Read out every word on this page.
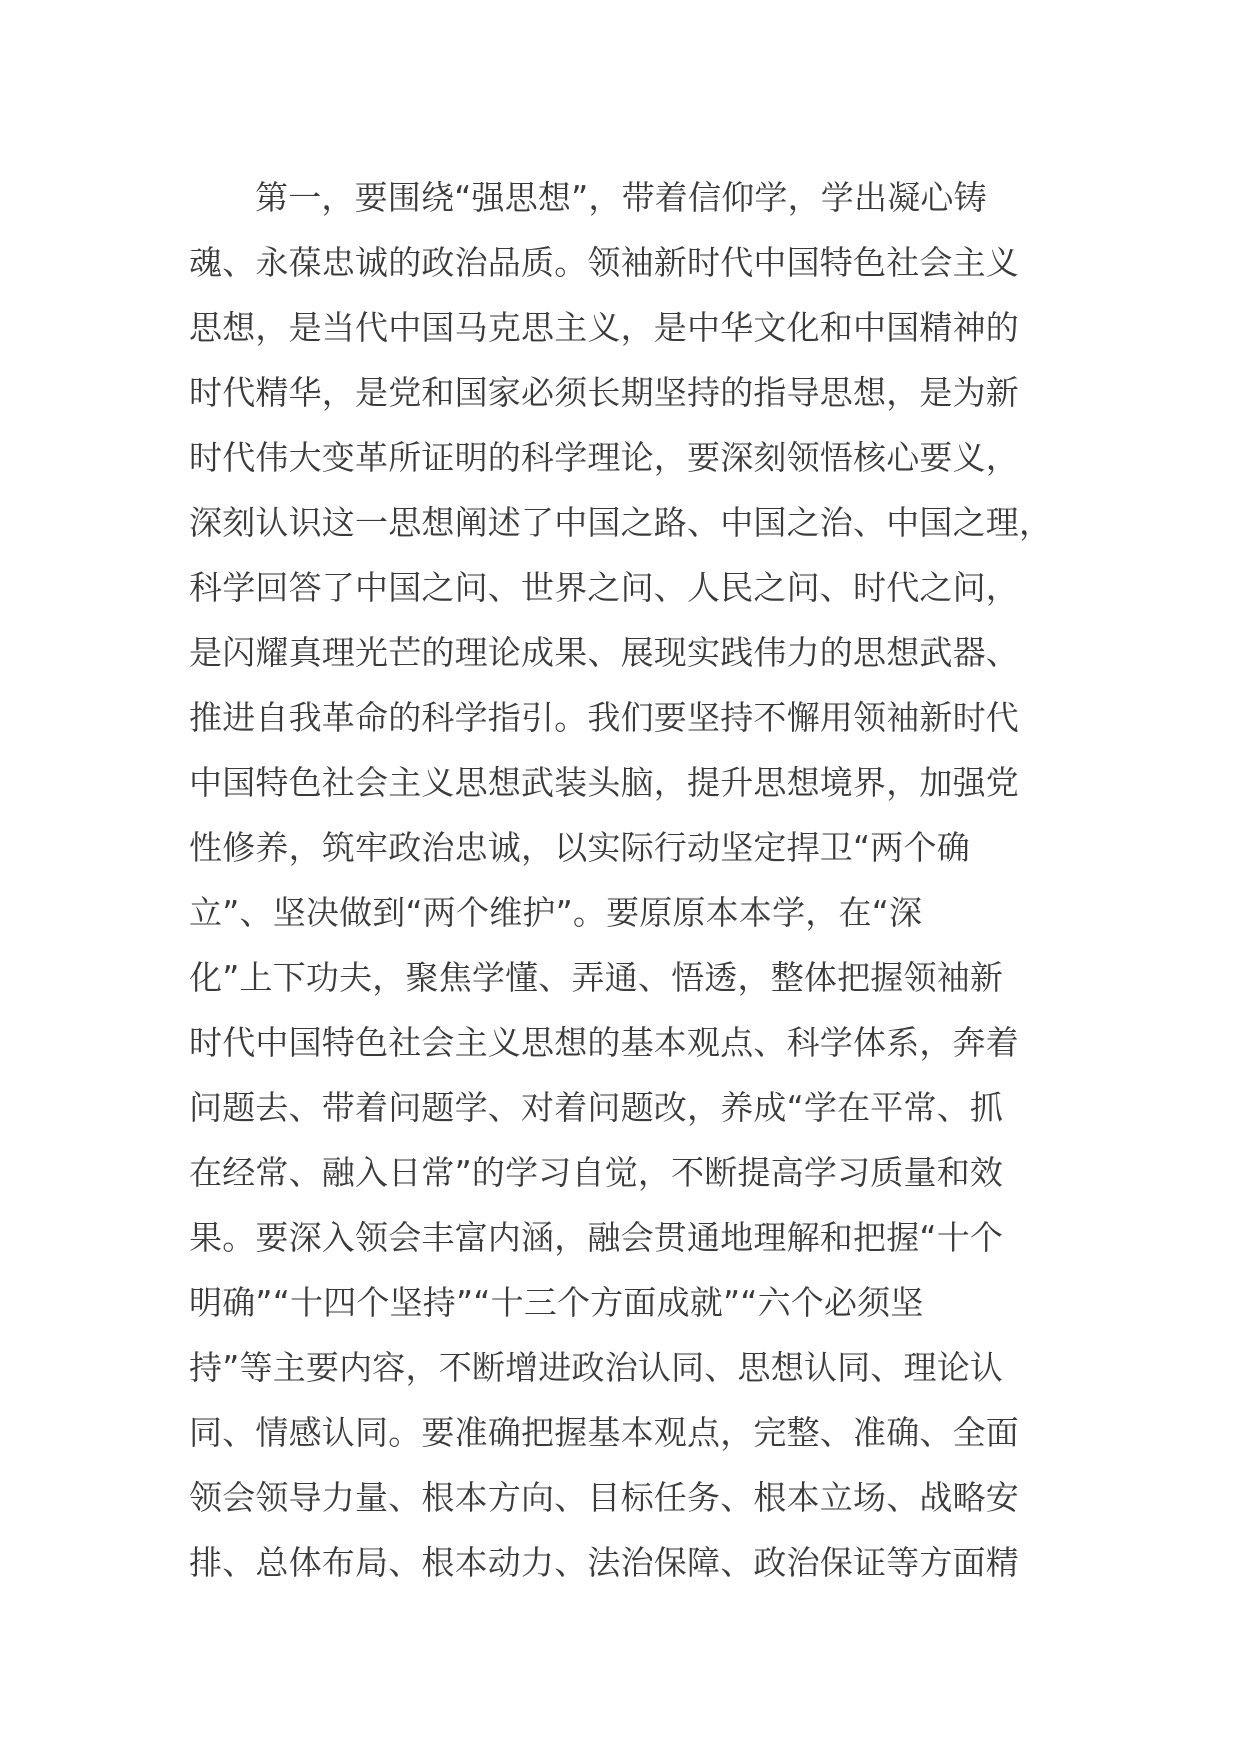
第一，要围绕“强思想”，带着信仰学，学出凝心铸
魂、永葆忠诚的政治品质。领袖新时代中国特色社会主义
思想，是当代中国马克思主义，是中华文化和中国精神的
时代精华，是党和国家必须长期坚持的指导思想，是为新
时代伟大变革所证明的科学理论，要深刻领悟核心要义，
深刻认识这一思想阐述了中国之路、中国之治、中国之理，
科学回答了中国之问、世界之问、人民之问、时代之问，
是闪耀真理光芒的理论成果、展现实践伟力的思想武器、
推进自我革命的科学指引。我们要坚持不懈用领袖新时代
中国特色社会主义思想武装头脑，提升思想境界，加强党
性修养，筑牢政治忠诚，以实际行动坚定捍卫“两个确
立”、坚决做到“两个维护”。要原原本本学，在“深
化”上下功夫，聚焦学懂、弄通、悟透，整体把握领袖新
时代中国特色社会主义思想的基本观点、科学体系，奔着
问题去、带着问题学、对着问题改，养成“学在平常、抓
在经常、融入日常”的学习自觉，不断提高学习质量和效
果。要深入领会丰富内涵，融会贯通地理解和把握“十个
明确”“十四个坚持”“十三个方面成就”“六个必须坚
持”等主要内容，不断增进政治认同、思想认同、理论认
同、情感认同。要准确把握基本观点，完整、准确、全面
领会领导力量、根本方向、目标任务、根本立场、战略安
排、总体布局、根本动力、法治保障、政治保证等方面精
